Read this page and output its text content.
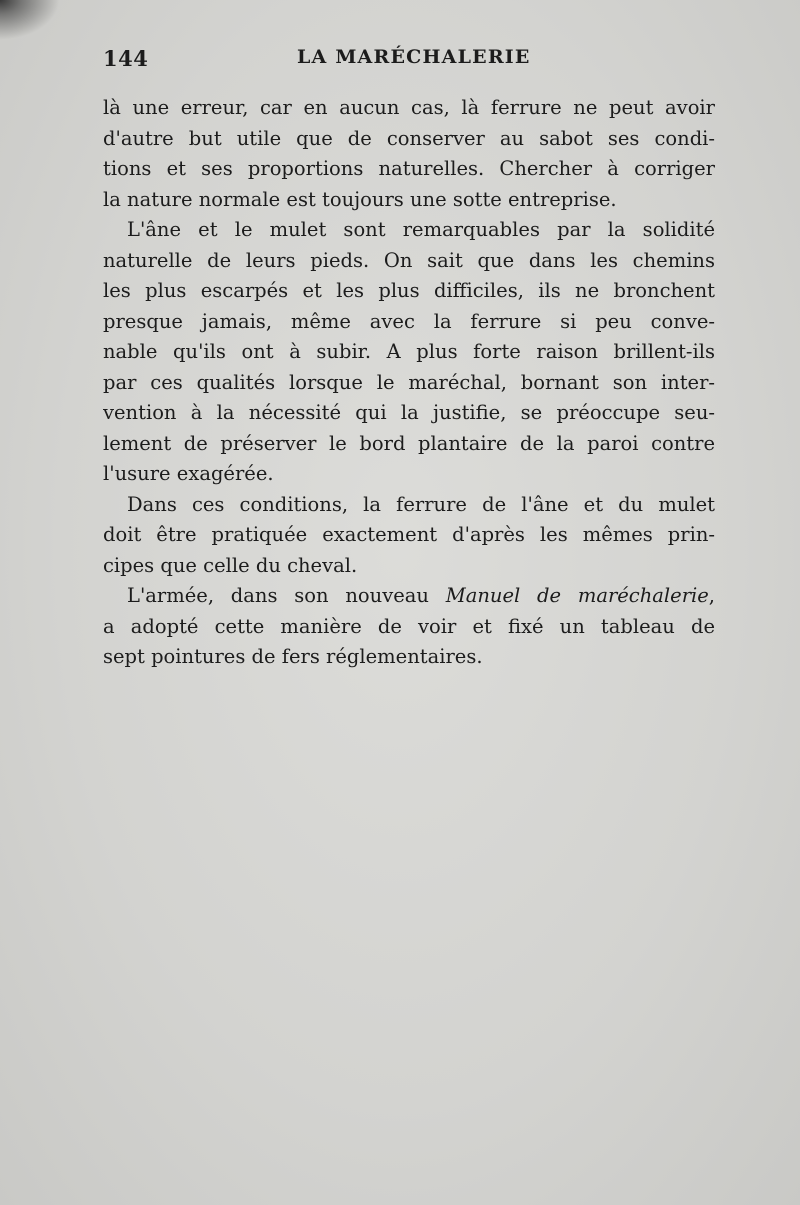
144	LA MARÉCHALERIE
là une erreur, car en aucun cas, là ferrure ne peut avoir
d'autre but utile que de conserver au sabot ses condi-
tions et ses proportions naturelles. Chercher à corriger
la nature normale est toujours une sotte entreprise.
L'âne et le mulet sont remarquables par la solidité
naturelle de leurs pieds. On sait que dans les chemins
les plus escarpés et les plus difficiles, ils ne bronchent
presque jamais, même avec la ferrure si peu conve-
nable qu'ils ont à subir. A plus forte raison brillent-ils
par ces qualités lorsque le maréchal, bornant son inter-
vention à la nécessité qui la justifie, se préoccupe seu-
lement de préserver le bord plantaire de la paroi contre
l'usure exagérée.
Dans ces conditions, la ferrure de l'âne et du mulet
doit être pratiquée exactement d'après les mêmes prin-
cipes que celle du cheval.
L'armée, dans son nouveau Manuel de maréchalerie,
a adopté cette manière de voir et fixé un tableau de
sept pointures de fers réglementaires.
